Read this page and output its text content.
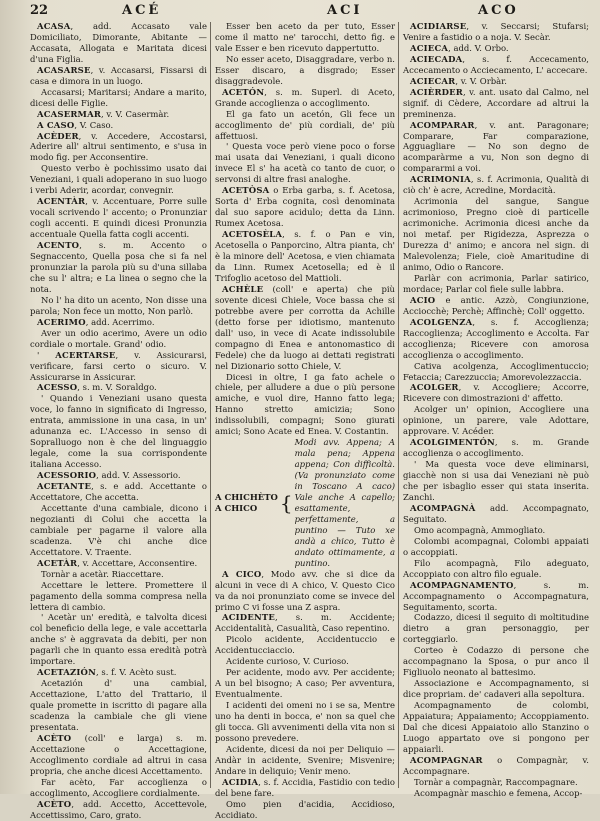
22	ACÉ	ACI	ACO

ACASA, add. Accasato vale Domiciliato, Dimorante, Abitante — Accasata, Allogata e Maritata dicesi d'una Figlia.

ACASARSE, v. Accasarsi, Fissarsi di casa e dimora in un luogo.

Accasarsi; Maritarsi; Andare a marito, dicesi delle Figlie.

ACASERMAR, v. V. Casermàr.

A CASO, V. Caso.

ACÈDER, v. Accedere, Accostarsi, Aderire all' altrui sentimento, e s'usa in modo fig. per Acconsentire.

Questo verbo è pochissimo usato dai Veneziani, i quali adoperano in suo luogo i verbi Aderir, acordar, convegnir.

ACENTÀR, v. Accentuare, Porre sulle vocali scrivendo l' accento; o Pronunziar cogli accenti. E quindi dicesi Pronunzia accentuale Quella fatta cogli accenti.

ACENTO, s. m. Accento o Segnaccento, Quella posa che si fa nel pronunziar la parola più su d'una sillaba che su l' altra; e La linea o segno che la nota.

No l' ha dito un acento, Non disse una parola; Non fece un motto, Non parlò.

ACERIMO, add. Acerrimo.

Aver un odio acerimo, Avere un odio cordiale o mortale. Grand' odio.

' ACERTARSE, v. Assicurarsi, verificare, farsi certo o sicuro. V. Assicurarse in Assicurar.

ACESSO, s. m. V. Soraldgo.

' Quando i Veneziani usano questa voce, lo fanno in significato di Ingresso, entrata, ammissione in una casa, in un' adunanza ec. L'Accesso in senso di Sopralluogo non è che del linguaggio legale, come la sua corrispondente italiana Accesso.

ACESSORIO, add. V. Assessorio.

ACETANTE, s. e add. Accettante o Accettatore, Che accetta.

Accettante d'una cambiale, dicono i negozianti di Colui che accetta la cambiale per pagarne il valore alla scadenza. V'è chi anche dice Accettatore. V. Traente.

ACETÀR, v. Accettare, Acconsentire.

Tornàr a acetàr. Riaccettare.

Accettare le lettere. Promettere il pagamento della somma compresa nella lettera di cambio.

' Acetàr un' eredità, e talvolta dicesi col beneficio della lege, e vale accettarla anche s' è aggravata da debiti, per non pagarli che in quanto essa eredità potrà importare.

ACETAZIÓN, s. f. V. Acèto sust.

Acetazión d' una cambial, Accettazione, L'atto del Trattario, il quale promette in iscritto di pagare alla scadenza la cambiale che gli viene presentata.

ACÈTO (coll' e larga) s. m. Accettazione o Accettagione, Accoglimento cordiale ad altrui in casa propria, che anche dicesi Accettamento.

Far acèto, Far accoglienza o accoglimento, Accogliere cordialmente.

ACÈTO, add. Accetto, Accettevole, Accettissimo, Caro, grato.

Esser ben aceto da per tuto, Esser come il matto ne' tarocchi, detto fig. e vale Esser e ben ricevuto dappertutto.

No esser aceto, Disaggradare, verbo n. Esser discaro, a disgrado; Esser disaggradevole.

ACETÓN, s. m. Superl. di Aceto, Grande accoglienza o accoglimento.

El ga fato un acetón, Gli fece un accoglimento de' più cordiali, de' più affettuosi.

' Questa voce però viene poco o forse mai usata dai Veneziani, i quali dicono invece El s' ha acetà co tanto de cuor, o servonsi di altre frasi analoghe.

ACETÒSA o Erba garba, s. f. Acetosa, Sorta d' Erba cognita, così denominata dal suo sapore acidulo; detta da Linn. Rumex Acetosa.

ACETOSÈLA, s. f. o Pan e vin, Acetosella o Panporcino, Altra pianta, ch' è la minore dell' Acetosa, e vien chiamata da Linn. Rumex Acetosella; ed è il Trifoglio acetoso del Mattioli.

ACHÈLE (coll' e aperta) che più sovente dicesi Chiele, Voce bassa che si potrebbe avere per corrotta da Achille (detto forse per idiotismo, mantenuto dall' uso, in vece di Acate indissolubile compagno di Enea e antonomastico di Fedele) che da luogo ai dettati registrati nel Dizionario sotto Chiele, V.

Dicesi in oltre, I ga fato achele o chiele, per alludere a due o più persone amiche, e vuol dire, Hanno fatto lega; Hanno stretto amicizia; Sono indissolubili, compagni; Sono giurati amici; Sono Acate ed Enea. V. Costantin.

A CHICHÈTO
A CHICO	{
Modi avv. Appena; A mala pena; Appena appena; Con difficoltà. (Va pronunziato come in Toscano A caco) Vale anche A capello; esattamente, perfettamente, a puntino — Tuto xe andà a chico, Tutto è andato ottimamente, a puntino.

A CICO, Modo avv. che si dice da alcuni in vece di A chico, V. Questo Cico va da noi pronunziato come se invece del primo C vi fosse una Z aspra.

ACIDENTE, s. m. Accidente; Accidentalità, Casualità, Caso repentino.

Picolo acidente, Accidentuccio e Accidentucciaccio.

Acidente curioso, V. Curioso.

Per acidente, modo avv. Per accidente; A un bel bisogno; A caso; Per avventura, Eventualmente.

I acidenti dei omeni no i se sa, Mentre uno ha denti in bocca, e' non sa quel che gli tocca. Gli avvenimenti della vita non si possono prevedere.

Acidente, dicesi da noi per Deliquio — Andàr in acidente, Svenire; Misvenire; Andare in deliquio; Venir meno.

ACIDIA, s. f. Accidia, Fastidio con tedio del bene fare.

Omo pien d'acidia, Accidioso, Accidiato.

ACIDIARSE, v. Seccarsi; Stufarsi; Venire a fastidio o a noja. V. Secàr.

ACIECA, add. V. Orbo.

ACIECADA, s. f. Accecamento, Accecamento o Acciecamento, L' accecare.

ACIECAR, v. V. Orbàr.

ACIÈRDER, v. ant. usato dal Calmo, nel signif. di Cèdere, Accordare ad altrui la preminenza.

ACOMPARAR, v. ant. Paragonare; Comparare, Far comparazione, Agguagliare — No son degno de acomparàrme a vu, Non son degno di compararmi a voi.

ACRIMONIA, s. f. Acrimonia, Qualità di ciò ch' è acre, Acredine, Mordacità.

Acrimonia del sangue, Sangue acrimonioso, Pregno cioè di particelle acrimoniche. Acrimonia dicesi anche da noi metaf. per Rigidezza, Asprezza o Durezza d' animo; e ancora nel sign. di Malevolenza; Fiele, cioè Amaritudine di animo, Odio o Rancore.

Parlàr con acrimonia, Parlar satirico, mordace; Parlar col fiele sulle labbra.

ACIO e antic. Azzò, Congiunzione, Acciocchè; Perchè; Affinchè; Coll' oggetto.

ACOLGENZA, s. f. Accoglienza; Raccoglienza; Accoglimento e Accolta. Far accoglienza; Ricevere con amorosa accoglienza o accoglimento.

Cativa acolgenza, Accoglimentuccio; Fetaccia; Carezzuccia; Amorevolezzaccia.

ACOLGER, v. Accogliere; Accorre, Ricevere con dimostrazioni d' affetto.

Acolger un' opinion, Accogliere una opinione, un parere, vale Adottare, approvare. V. Acéder.

ACOLGIMENTÓN, s. m. Grande accoglienza o accoglimento.

' Ma questa voce deve eliminarsi, giacchè non si usa dai Veneziani nè può che per isbaglio esser qui stata inserita. Zanchi.

ACOMPAGNÀ add. Accompagnato, Seguitato.

Omo acompagnà, Ammogliato.

Colombi acompagnai, Colombi appaiati o accoppiati.

Filo acompagnà, Filo adeguato, Accoppiato con altro filo eguale.

ACOMPAGNAMENTO, s. m. Accompagnamento o Accompagnatura, Seguitamento, scorta.

Codazzo, dicesi il seguito di moltitudine dietro a gran personaggio, per corteggiarlo.

Corteo è Codazzo di persone che accompagnano la Sposa, o pur anco il Figliuolo neonato al battesimo.

Associazione e Accompagnamento, si dice propriam. de' cadaveri alla sepoltura.

Acompagnamento de colombi, Appaiatura; Appaiamento; Accoppiamento. Dal che dicesi Appaiatoio allo Stanzino o Luogo appartato ove si pongono per appaiarli.

ACOMPAGNAR o Compagnàr, v. Accompagnare.

Tornàr a compagnàr, Raccompagnare.

Acompagnàr maschio e femena, Accop-
